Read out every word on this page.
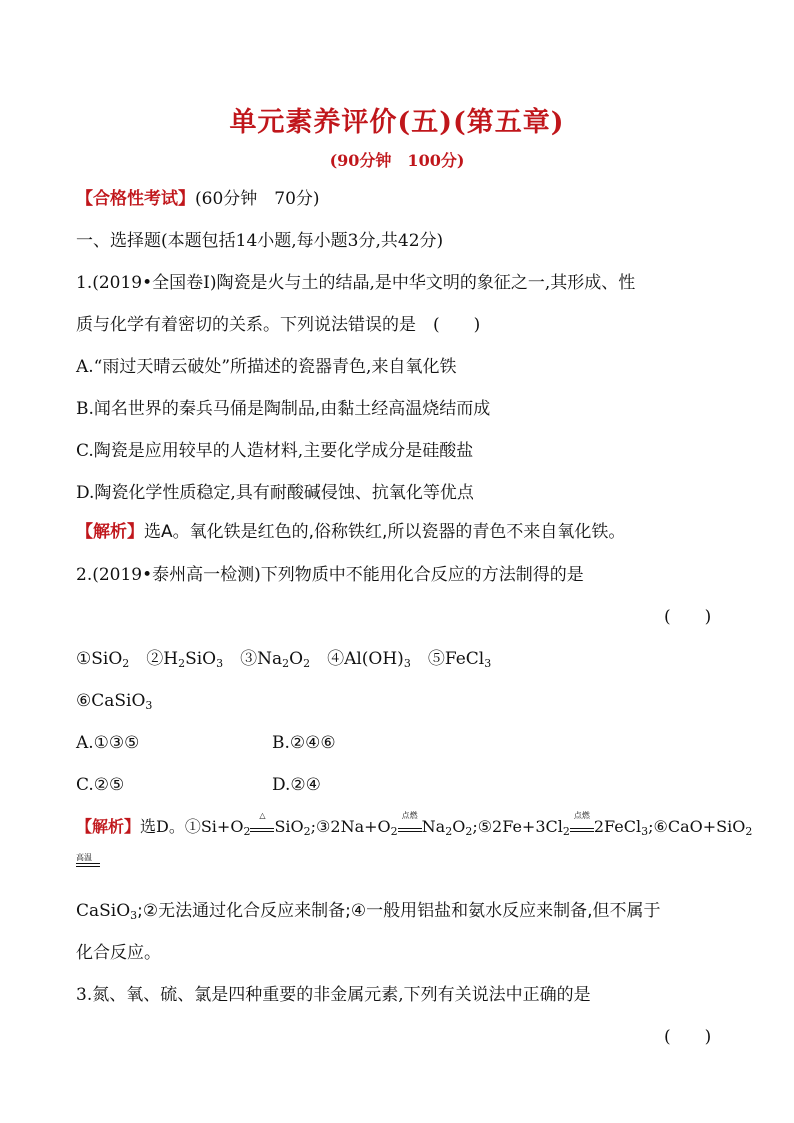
单元素养评价(五)(第五章)
(90分钟　100分)
【合格性考试】(60分钟　70分)
一、选择题(本题包括14小题,每小题3分,共42分)
1.(2019•全国卷Ⅰ)陶瓷是火与土的结晶,是中华文明的象征之一,其形成、性
质与化学有着密切的关系。下列说法错误的是　(　　)
A.“雨过天晴云破处”所描述的瓷器青色,来自氧化铁
B.闻名世界的秦兵马俑是陶制品,由黏土经高温烧结而成
C.陶瓷是应用较早的人造材料,主要化学成分是硅酸盐
D.陶瓷化学性质稳定,具有耐酸碱侵蚀、抗氧化等优点
【解析】选A。氧化铁是红色的,俗称铁红,所以瓷器的青色不来自氧化铁。
2.(2019•泰州高一检测)下列物质中不能用化合反应的方法制得的是
(　　)
①SiO$_2$　$②H_2SiO_3$　$③Na_2O_2$　$④Al(OH)_3$　⑤FeCl$_3$
⑥CaSiO$_3$
A.①③⑤	B.②④⑥
C.②⑤	D.②④
【解析】选D。$①Si+O_2$
△
$SiO_2;③2Na+O_2$
点燃
$Na_2O_2;⑤2Fe+3Cl_2$
点燃
2FeCl$_3$;⑥CaO+SiO$_2$
高温
CaSiO$_3$;②无法通过化合反应来制备;④一般用铝盐和氨水反应来制备,但不属于
化合反应。
3.氮、氧、硫、氯是四种重要的非金属元素,下列有关说法中正确的是
(　　)
